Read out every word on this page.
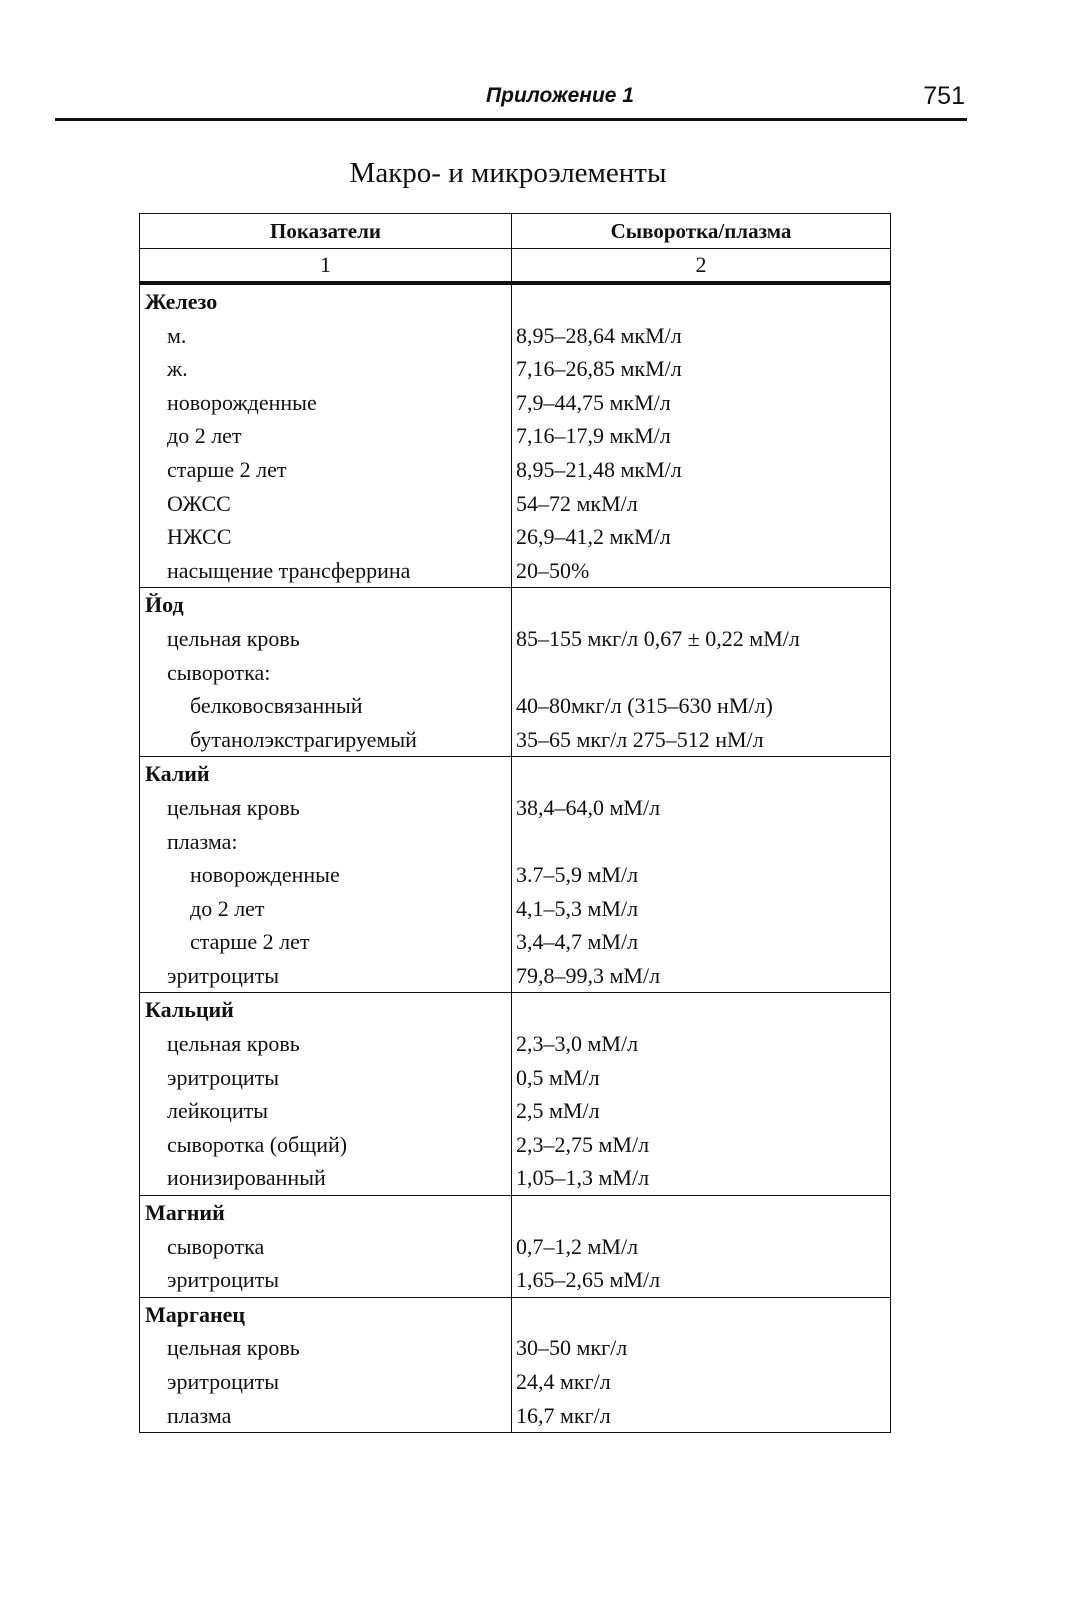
Приложение 1	751
Макро- и микроэлементы
Показатели	Сыворотка/плазма
1	2

Железо	

м.	8,95–28,64 мкМ/л

ж.	7,16–26,85 мкМ/л

новорожденные	7,9–44,75 мкМ/л

до 2 лет	7,16–17,9 мкМ/л

старше 2 лет	8,95–21,48 мкМ/л

ОЖСС	54–72 мкМ/л

НЖСС	26,9–41,2 мкМ/л

насыщение трансферрина	20–50%

Йод	

цельная кровь	85–155 мкг/л 0,67 ± 0,22 мМ/л

сыворотка:	

белковосвязанный	40–80мкг/л (315–630 нМ/л)

бутанолэкстрагируемый	35–65 мкг/л 275–512 нМ/л

Калий	

цельная кровь	38,4–64,0 мМ/л

плазма:	

новорожденные	3.7–5,9 мМ/л

до 2 лет	4,1–5,3 мМ/л

старше 2 лет	3,4–4,7 мМ/л

эритроциты	79,8–99,3 мМ/л

Кальций	

цельная кровь	2,3–3,0 мМ/л

эритроциты	0,5 мМ/л

лейкоциты	2,5 мМ/л

сыворотка (общий)	2,3–2,75 мМ/л

ионизированный	1,05–1,3 мМ/л

Магний	

сыворотка	0,7–1,2 мМ/л

эритроциты	1,65–2,65 мМ/л

Марганец	

цельная кровь	30–50 мкг/л

эритроциты	24,4 мкг/л

плазма	16,7 мкг/л
